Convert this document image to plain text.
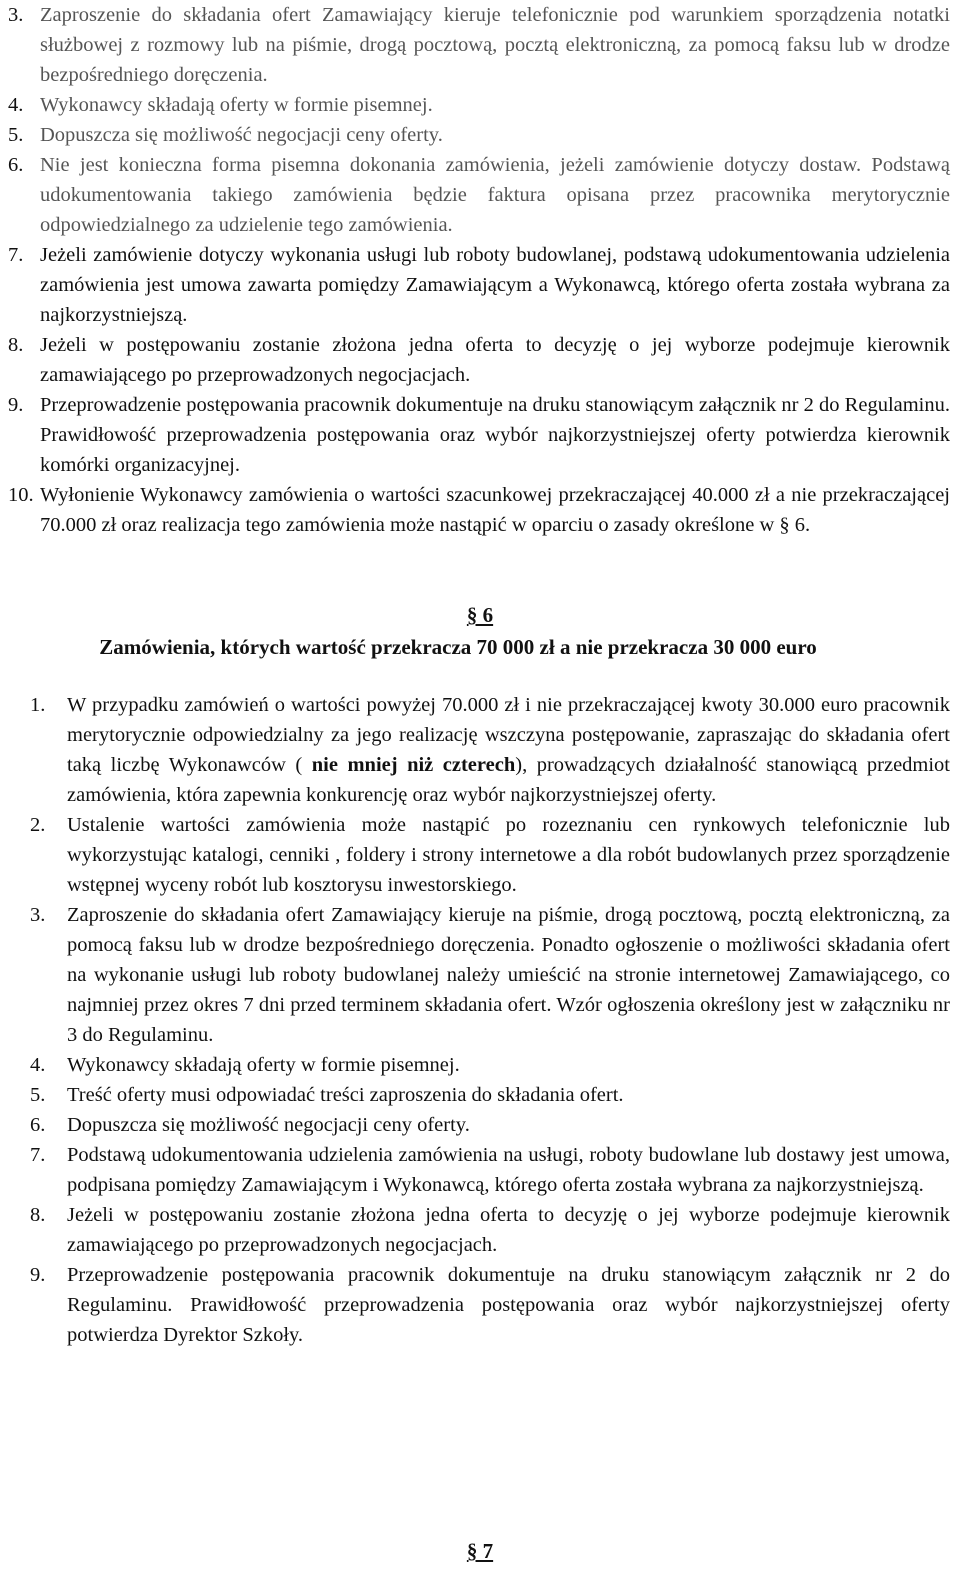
3. Zaproszenie do składania ofert Zamawiający kieruje telefonicznie pod warunkiem sporządzenia notatki służbowej z rozmowy lub na piśmie, drogą pocztową, pocztą elektroniczną, za pomocą faksu lub w drodze bezpośredniego doręczenia.
4. Wykonawcy składają oferty w formie pisemnej.
5. Dopuszcza się możliwość negocjacji ceny oferty.
6. Nie jest konieczna forma pisemna dokonania zamówienia, jeżeli zamówienie dotyczy dostaw. Podstawą udokumentowania takiego zamówienia będzie faktura opisana przez pracownika merytorycznie odpowiedzialnego za udzielenie tego zamówienia.
7. Jeżeli zamówienie dotyczy wykonania usługi lub roboty budowlanej, podstawą udokumentowania udzielenia zamówienia jest umowa zawarta pomiędzy Zamawiającym a Wykonawcą, którego oferta została wybrana za najkorzystniejszą.
8. Jeżeli w postępowaniu zostanie złożona jedna oferta to decyzję o jej wyborze podejmuje kierownik zamawiającego po przeprowadzonych negocjacjach.
9. Przeprowadzenie postępowania pracownik dokumentuje na druku stanowiącym załącznik nr 2 do Regulaminu. Prawidłowość przeprowadzenia postępowania oraz wybór najkorzystniejszej oferty potwierdza kierownik komórki organizacyjnej.
10. Wyłonienie Wykonawcy zamówienia o wartości szacunkowej przekraczającej 40.000 zł a nie przekraczającej 70.000 zł oraz realizacja tego zamówienia może nastąpić w oparciu o zasady określone w § 6.
§ 6
Zamówienia, których wartość przekracza 70 000 zł a nie przekracza 30 000 euro
1. W przypadku zamówień o wartości powyżej 70.000 zł i nie przekraczającej kwoty 30.000 euro pracownik merytorycznie odpowiedzialny za jego realizację wszczyna postępowanie, zapraszając do składania ofert taką liczbę Wykonawców ( nie mniej niż czterech), prowadzących działalność stanowiącą przedmiot zamówienia, która zapewnia konkurencję oraz wybór najkorzystniejszej oferty.
2. Ustalenie wartości zamówienia może nastąpić po rozeznaniu cen rynkowych telefonicznie lub wykorzystując katalogi, cenniki , foldery i strony internetowe a dla robót budowlanych przez sporządzenie wstępnej wyceny robót lub kosztorysu inwestorskiego.
3. Zaproszenie do składania ofert Zamawiający kieruje na piśmie, drogą pocztową, pocztą elektroniczną, za pomocą faksu lub w drodze bezpośredniego doręczenia. Ponadto ogłoszenie o możliwości składania ofert na wykonanie usługi lub roboty budowlanej należy umieścić na stronie internetowej Zamawiającego, co najmniej przez okres 7 dni przed terminem składania ofert. Wzór ogłoszenia określony jest w załączniku nr 3 do Regulaminu.
4. Wykonawcy składają oferty w formie pisemnej.
5. Treść oferty musi odpowiadać treści zaproszenia do składania ofert.
6. Dopuszcza się możliwość negocjacji ceny oferty.
7. Podstawą udokumentowania udzielenia zamówienia na usługi, roboty budowlane lub dostawy jest umowa, podpisana pomiędzy Zamawiającym i Wykonawcą, którego oferta została wybrana za najkorzystniejszą.
8. Jeżeli w postępowaniu zostanie złożona jedna oferta to decyzję o jej wyborze podejmuje kierownik zamawiającego po przeprowadzonych negocjacjach.
9. Przeprowadzenie postępowania pracownik dokumentuje na druku stanowiącym załącznik nr 2 do Regulaminu. Prawidłowość przeprowadzenia postępowania oraz wybór najkorzystniejszej oferty potwierdza Dyrektor Szkoły.
§ 7
